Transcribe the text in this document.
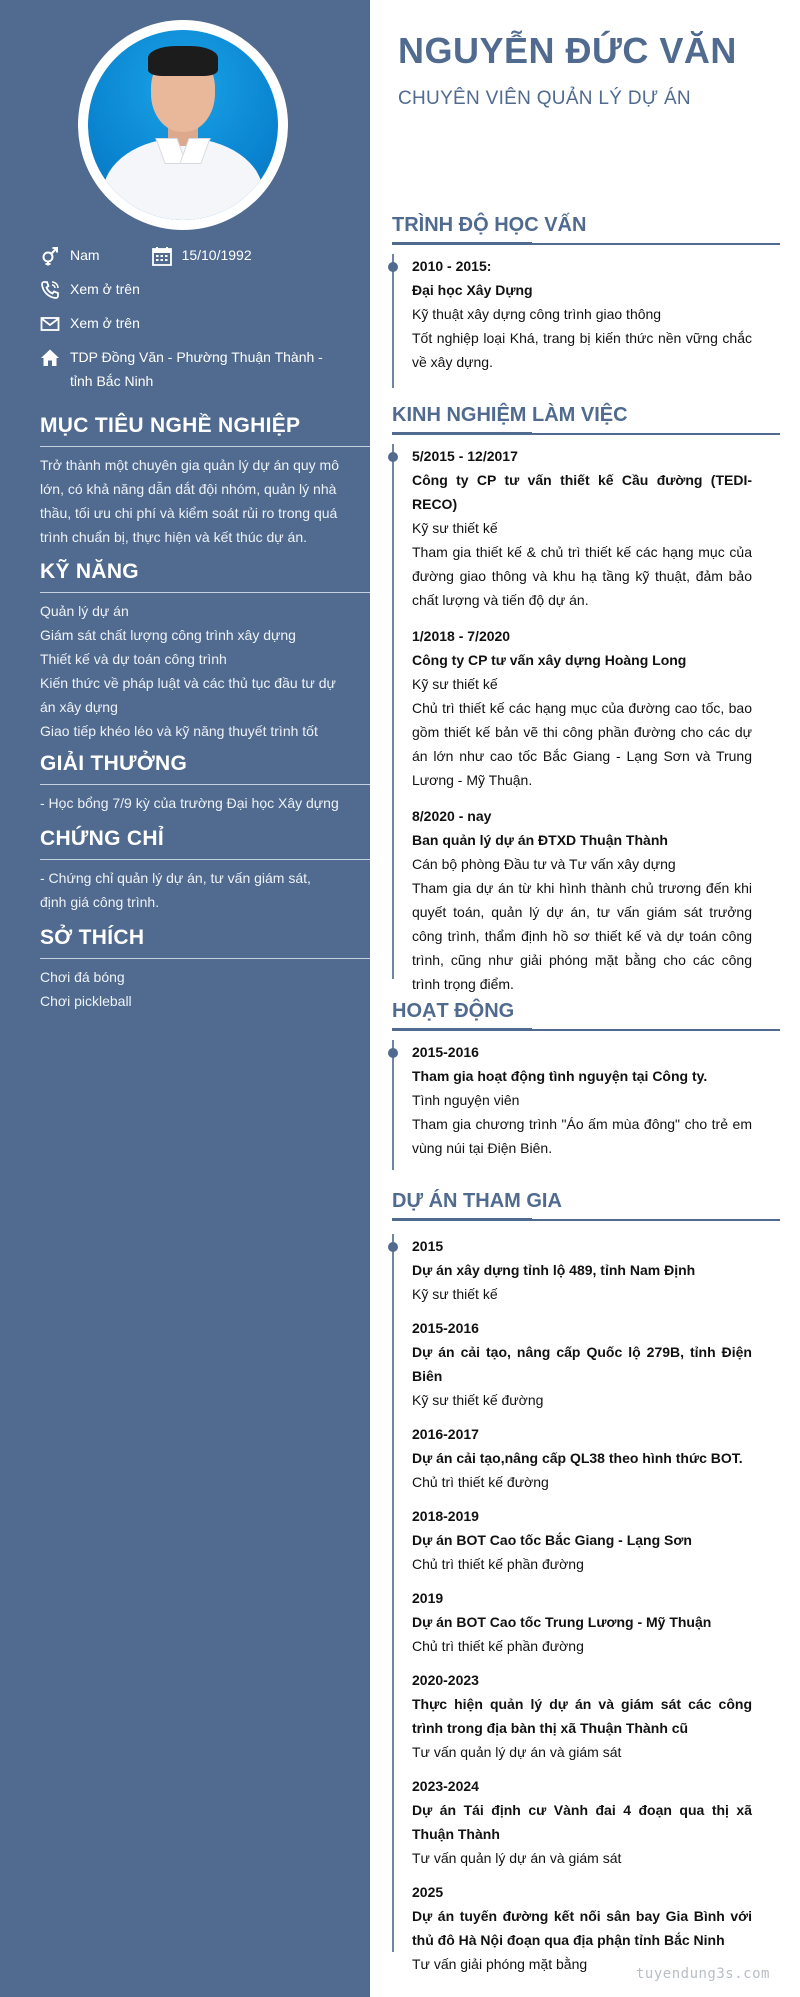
Nam	15/10/1992
Xem ở trên
Xem ở trên
TDP Đồng Văn - Phường Thuận Thành - tỉnh Bắc Ninh
MỤC TIÊU NGHỀ NGHIỆP
Trở thành một chuyên gia quản lý dự án quy mô lớn, có khả năng dẫn dắt đội nhóm, quản lý nhà thầu, tối ưu chi phí và kiểm soát rủi ro trong quá trình chuẩn bị, thực hiện và kết thúc dự án.
KỸ NĂNG
Quản lý dự án
Giám sát chất lượng công trình xây dựng
Thiết kế và dự toán công trình
Kiến thức về pháp luật và các thủ tục đầu tư dự án xây dựng
Giao tiếp khéo léo và kỹ năng thuyết trình tốt
GIẢI THƯỞNG
- Học bổng 7/9 kỳ của trường Đại học Xây dựng
CHỨNG CHỈ
- Chứng chỉ quản lý dự án, tư vấn giám sát, định giá công trình.
SỞ THÍCH
Chơi đá bóng
Chơi pickleball
NGUYỄN ĐỨC VĂN
CHUYÊN VIÊN QUẢN LÝ DỰ ÁN
TRÌNH ĐỘ HỌC VẤN
2010 - 2015:
Đại học Xây Dựng
Kỹ thuật xây dựng công trình giao thông
Tốt nghiệp loại Khá, trang bị kiến thức nền vững chắc về xây dựng.
KINH NGHIỆM LÀM VIỆC
5/2015 - 12/2017
Công ty CP tư vấn thiết kế Cầu đường (TEDI-RECO)
Kỹ sư thiết kế
Tham gia thiết kế & chủ trì thiết kế các hạng mục của đường giao thông và khu hạ tầng kỹ thuật, đảm bảo chất lượng và tiến độ dự án.
1/2018 - 7/2020
Công ty CP tư vấn xây dựng Hoàng Long
Kỹ sư thiết kế
Chủ trì thiết kế các hạng mục của đường cao tốc, bao gồm thiết kế bản vẽ thi công phần đường cho các dự án lớn như cao tốc Bắc Giang - Lạng Sơn và Trung Lương - Mỹ Thuận.
8/2020 - nay
Ban quản lý dự án ĐTXD Thuận Thành
Cán bộ phòng Đầu tư và Tư vấn xây dựng
Tham gia dự án từ khi hình thành chủ trương đến khi quyết toán, quản lý dự án, tư vấn giám sát trưởng công trình, thẩm định hồ sơ thiết kế và dự toán công trình, cũng như giải phóng mặt bằng cho các công trình trọng điểm.
HOẠT ĐỘNG
2015-2016
Tham gia hoạt động tình nguyện tại Công ty.
Tình nguyện viên
Tham gia chương trình "Áo ấm mùa đông" cho trẻ em vùng núi tại Điện Biên.
DỰ ÁN THAM GIA
2015
Dự án xây dựng tỉnh lộ 489, tỉnh Nam Định
Kỹ sư thiết kế
2015-2016
Dự án cải tạo, nâng cấp Quốc lộ 279B, tỉnh Điện Biên
Kỹ sư thiết kế đường
2016-2017
Dự án cải tạo,nâng cấp QL38 theo hình thức BOT.
Chủ trì thiết kế đường
2018-2019
Dự án BOT Cao tốc Bắc Giang - Lạng Sơn
Chủ trì thiết kế phần đường
2019
Dự án BOT Cao tốc Trung Lương - Mỹ Thuận
Chủ trì thiết kế phần đường
2020-2023
Thực hiện quản lý dự án và giám sát các công trình trong địa bàn thị xã Thuận Thành cũ
Tư vấn quản lý dự án và giám sát
2023-2024
Dự án Tái định cư Vành đai 4 đoạn qua thị xã Thuận Thành
Tư vấn quản lý dự án và giám sát
2025
Dự án tuyến đường kết nối sân bay Gia Bình với thủ đô Hà Nội đoạn qua địa phận tỉnh Bắc Ninh
Tư vấn giải phóng mặt bằng
tuyendung3s.com
